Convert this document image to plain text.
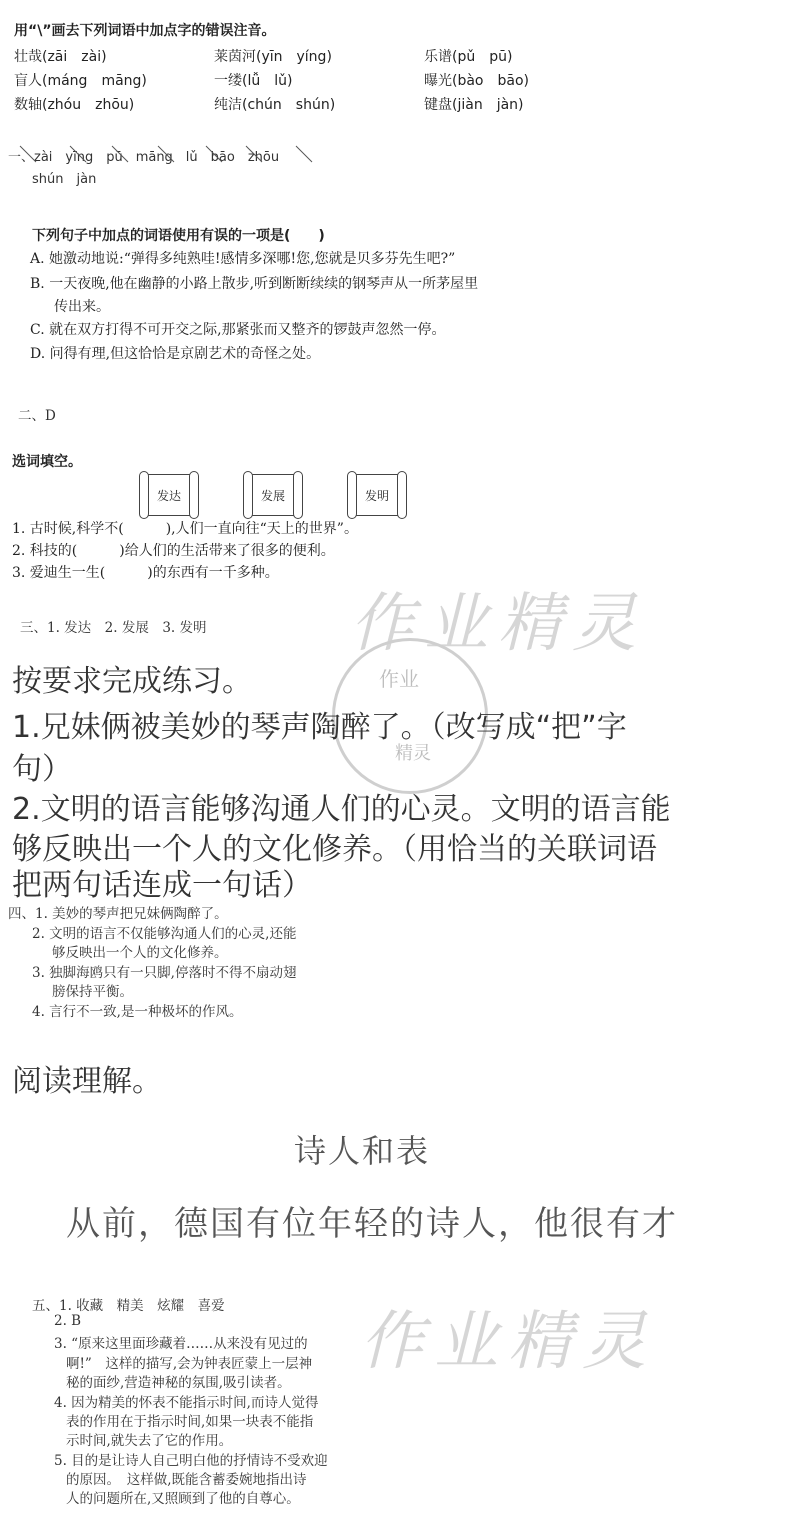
用“\”画去下列词语中加点字的错误注音。
壮哉(zāi　zài)	莱茵河(yīn　yíng)	乐谱(pǔ　pū)
盲人(máng　māng)	一缕(lǚ　lǔ)	曝光(bào　bāo)
数轴(zhóu　zhōu)	纯洁(chún　shún)	键盘(jiàn　jàn)
一、zài　yīng　pū　māng　lǔ　bāo　zhōu
shún　jàn
下列句子中加点的词语使用有误的一项是(　　)
A. 她激动地说:“弹得多纯熟哇!感情多深哪!您,您就是贝多芬先生吧?”
B. 一天夜晚,他在幽静的小路上散步,听到断断续续的钢琴声从一所茅屋里
传出来。
C. 就在双方打得不可开交之际,那紧张而又整齐的锣鼓声忽然一停。
D. 问得有理,但这恰恰是京剧艺术的奇怪之处。
二、D
选词填空。
发达	发展	发明
1. 古时候,科学不(　　　),人们一直向往“天上的世界”。
2. 科技的(　　　)给人们的生活带来了很多的便利。
3. 爱迪生一生(　　　)的东西有一千多种。
三、1. 发达　2. 发展　3. 发明 作业精灵
作业
精灵
按要求完成练习。
1.兄妹俩被美妙的琴声陶醉了。（改写成“把”字
句）
2.文明的语言能够沟通人们的心灵。文明的语言能
够反映出一个人的文化修养。（用恰当的关联词语
把两句话连成一句话）
四、1. 美妙的琴声把兄妹俩陶醉了。
2. 文明的语言不仅能够沟通人们的心灵,还能
够反映出一个人的文化修养。
3. 独脚海鸥只有一只脚,停落时不得不扇动翅
膀保持平衡。
4. 言行不一致,是一种极坏的作风。
阅读理解。
诗人和表
从前，德国有位年轻的诗人，他很有才
作业精灵
五、1. 收藏　精美　炫耀　喜爱
2. B
3. “原来这里面珍藏着……从来没有见过的
啊!”　这样的描写,会为钟表匠蒙上一层神
秘的面纱,营造神秘的氛围,吸引读者。
4. 因为精美的怀表不能指示时间,而诗人觉得
表的作用在于指示时间,如果一块表不能指
示时间,就失去了它的作用。
5. 目的是让诗人自己明白他的抒情诗不受欢迎
的原因。　这样做,既能含蓄委婉地指出诗
人的问题所在,又照顾到了他的自尊心。
